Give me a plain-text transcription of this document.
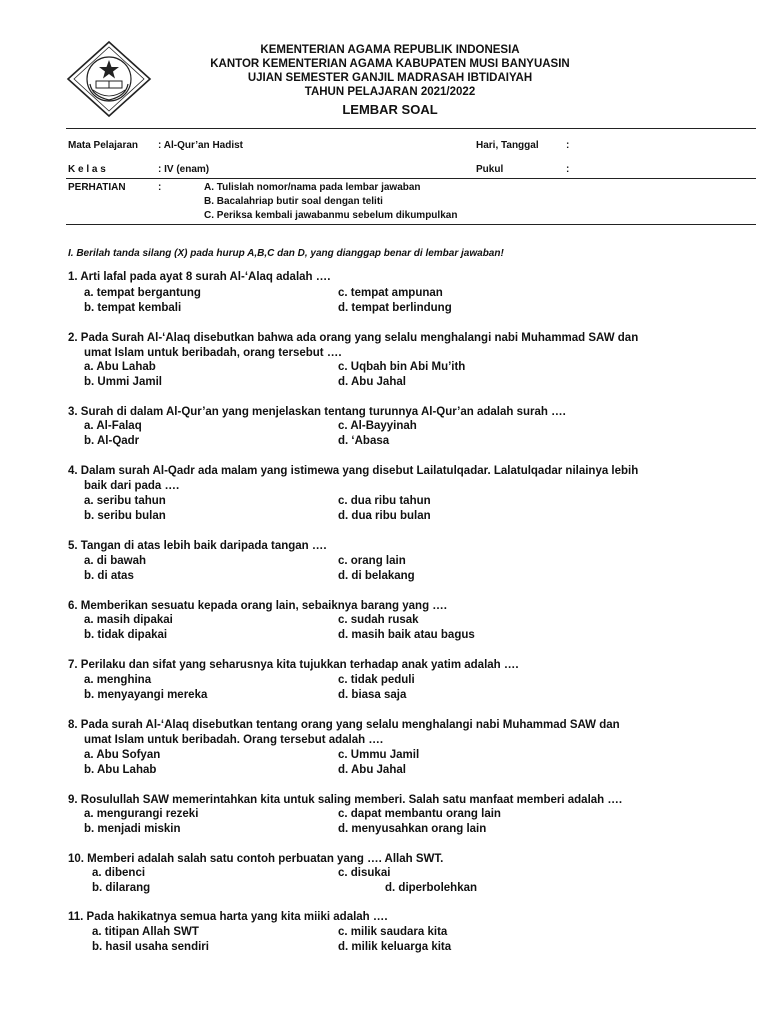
KEMENTERIAN AGAMA REPUBLIK INDONESIA
KANTOR KEMENTERIAN AGAMA KABUPATEN MUSI BANYUASIN
UJIAN SEMESTER GANJIL MADRASAH IBTIDAIYAH
TAHUN PELAJARAN 2021/2022
LEMBAR SOAL
Mata Pelajaran : Al-Qur’an Hadist	Hari, Tanggal	:
K e l a s	: IV (enam)	Pukul	:
PERHATIAN	:	A. Tulislah nomor/nama pada lembar jawaban
B. Bacalahriap butir soal dengan teliti
C. Periksa kembali jawabanmu sebelum dikumpulkan
I. Berilah tanda silang (X) pada hurup A,B,C dan D, yang dianggap benar di lembar jawaban!
1. Arti lafal pada ayat 8 surah Al-‘Alaq adalah ….
a. tempat bergantung	c. tempat ampunan
b. tempat kembali	d. tempat berlindung
2. Pada Surah Al-‘Alaq disebutkan bahwa ada orang yang selalu menghalangi nabi Muhammad SAW dan
umat Islam untuk beribadah, orang tersebut ….
a. Abu Lahab	c. Uqbah bin Abi Mu’ith
b. Ummi Jamil	d. Abu Jahal
3. Surah di dalam Al-Qur’an yang menjelaskan tentang turunnya Al-Qur’an adalah surah ….
a. Al-Falaq	c. Al-Bayyinah
b. Al-Qadr	d. ‘Abasa
4. Dalam surah Al-Qadr ada malam yang istimewa yang disebut Lailatulqadar. Lalatulqadar nilainya lebih
baik dari pada ….
a. seribu tahun	c. dua ribu tahun
b. seribu bulan	d. dua ribu bulan
5. Tangan di atas lebih baik daripada tangan ….
a. di bawah	c. orang lain
b. di atas	d. di belakang
6. Memberikan sesuatu kepada orang lain, sebaiknya barang yang ….
a. masih dipakai	c. sudah rusak
b. tidak dipakai	d. masih baik atau bagus
7. Perilaku dan sifat yang seharusnya kita tujukkan terhadap anak yatim adalah ….
a. menghina	c. tidak peduli
b. menyayangi mereka	d. biasa saja
8. Pada surah Al-‘Alaq disebutkan tentang orang yang selalu menghalangi nabi Muhammad SAW dan
umat Islam untuk beribadah. Orang tersebut adalah ….
a. Abu Sofyan	c. Ummu Jamil
b. Abu Lahab	d. Abu Jahal
9. Rosulullah SAW memerintahkan kita untuk saling memberi. Salah satu manfaat memberi adalah ….
a. mengurangi rezeki	c. dapat membantu orang lain
b. menjadi miskin	d. menyusahkan orang lain
10. Memberi adalah salah satu contoh perbuatan yang …. Allah SWT.
a. dibenci	c. disukai
b. dilarang	d. diperbolehkan
11. Pada hakikatnya semua harta yang kita miiki adalah ….
a. titipan Allah SWT	c. milik saudara kita
b. hasil usaha sendiri	d. milik keluarga kita
